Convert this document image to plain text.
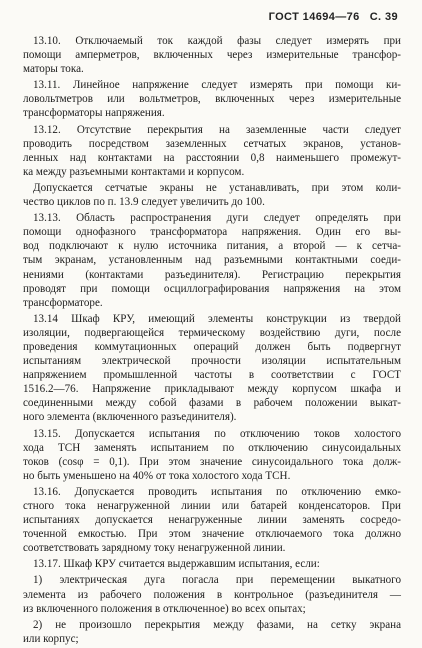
ГОСТ 14694—76 С. 39

13.10. Отключаемый ток каждой фазы следует измерять при
помощи амперметров, включенных через измерительные трансфор-
маторы тока.

13.11. Линейное напряжение следует измерять при помощи ки-
ловольтметров или вольтметров, включенных через измерительные
трансформаторы напряжения.

13.12. Отсутствие перекрытия на заземленные части следует
проводить посредством заземленных сетчатых экранов, установ-
ленных над контактами на расстоянии 0,8 наименьшего промежут-
ка между разъемными контактами и корпусом.

Допускается сетчатые экраны не устанавливать, при этом коли-
чество циклов по п. 13.9 следует увеличить до 100.

13.13. Область распространения дуги следует определять при
помощи однофазного трансформатора напряжения. Один его вы-
вод подключают к нулю источника питания, а второй — к сетча-
тым экранам, установленным над разъемными контактными соеди-
нениями (контактами разъединителя). Регистрацию перекрытия
проводят при помощи осциллографирования напряжения на этом
трансформаторе.

13.14 Шкаф КРУ, имеющий элементы конструкции из твердой
изоляции, подвергающейся термическому воздействию дуги, после
проведения коммутационных операций должен быть подвергнут
испытаниям электрической прочности изоляции испытательным
напряжением промышленной частоты в соответствии с ГОСТ
1516.2—76. Напряжение прикладывают между корпусом шкафа и
соединенными между собой фазами в рабочем положении выкат-
ного элемента (включенного разъединителя).

13.15. Допускается испытания по отключению токов холостого
хода ТСН заменять испытанием по отключению синусоидальных
токов (cosφ = 0,1). При этом значение синусоидального тока долж-
но быть уменьшено на 40% от тока холостого хода ТСН.

13.16. Допускается проводить испытания по отключению емко-
стного тока ненагруженной линии или батарей конденсаторов. При
испытаниях допускается ненагруженные линии заменять сосредо-
точенной емкостью. При этом значение отключаемого тока должно
соответствовать зарядному току ненагруженной линии.

13.17. Шкаф КРУ считается выдержавшим испытания, если:

1) электрическая дуга погасла при перемещении выкатного
элемента из рабочего положения в контрольное (разъединителя —
из включенного положения в отключенное) во всех опытах;

2) не произошло перекрытия между фазами, на сетку экрана
или корпус;
